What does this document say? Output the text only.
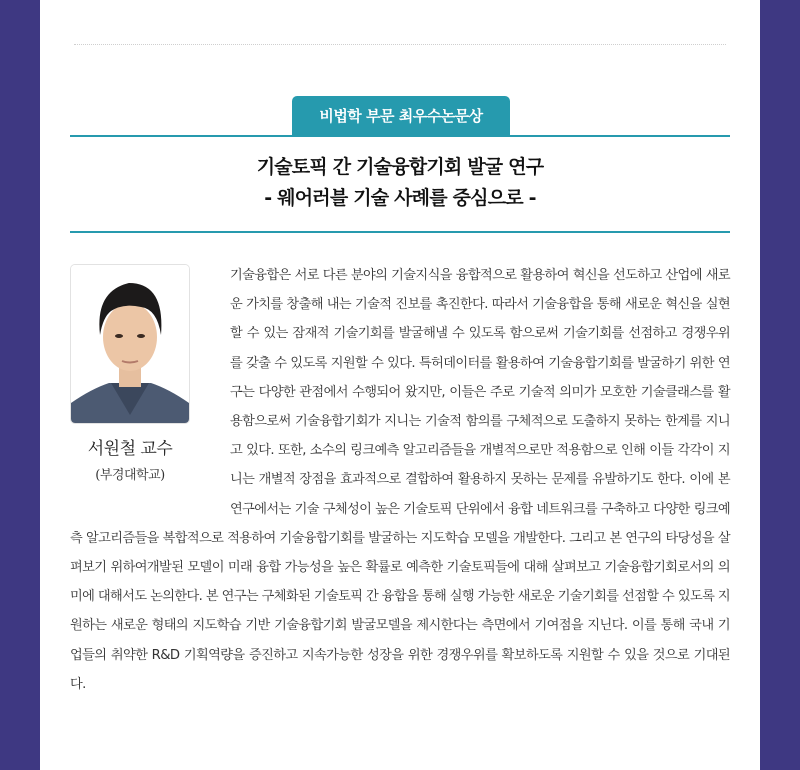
비법학 부문 최우수논문상
기술토픽 간 기술융합기회 발굴 연구
- 웨어러블 기술 사례를 중심으로 -

기술융합은 서로 다른 분야의 기술지식을 융합적으로 활용하여 혁신을 선도하고 산업에 새로운 가치를 창출해 내는 기술적 진보를 촉진한다. 따라서 기술융합을 통해 새로운 혁신을 실현할 수 있는 잠재적 기술기회를 발굴해낼 수 있도록 함으로써 기술기회를 선점하고 경쟁우위를 갖출 수 있도록 지원할 수 있다. 특허데이터를 활용하여 기술융합기회를 발굴하기 위한 연구는 다양한 관점에서 수행되어 왔지만, 이들은 주로 기술적 의미가 모호한 기술클래스를 활용함으로써 기술융합기회가 지니는 기술적 함의를 구체적으로 도출하지 못하는 한계를 지니고 있다. 또한, 소수의 링크예측 알고리즘들을 개별적으로만 적용함으로 인해 이들 각각이 지니는 개별적 장점을 효과적으로 결합하여 활용하지 못하는 문제를 유발하기도 한다. 이에 본 연구에서는 기술 구체성이 높은 기술토픽 단위에서 융합 네트워크를 구축하고 다양한 링크예측 알고리즘들을 복합적으로 적용하여 기술융합기회를 발굴하는 지도학습 모델을 개발한다. 그리고 본 연구의 타당성을 살펴보기 위하여개발된 모델이 미래 융합 가능성을 높은 확률로 예측한 기술토픽들에 대해 살펴보고 기술융합기회로서의 의미에 대해서도 논의한다. 본 연구는 구체화된 기술토픽 간 융합을 통해 실행 가능한 새로운 기술기회를 선점할 수 있도록 지원하는 새로운 형태의 지도학습 기반 기술융합기회 발굴모델을 제시한다는 측면에서 기여점을 지닌다. 이를 통해 국내 기업들의 취약한 R&D 기획역량을 증진하고 지속가능한 성장을 위한 경쟁우위를 확보하도록 지원할 수 있을 것으로 기대된다.

서원철 교수
(부경대학교)
